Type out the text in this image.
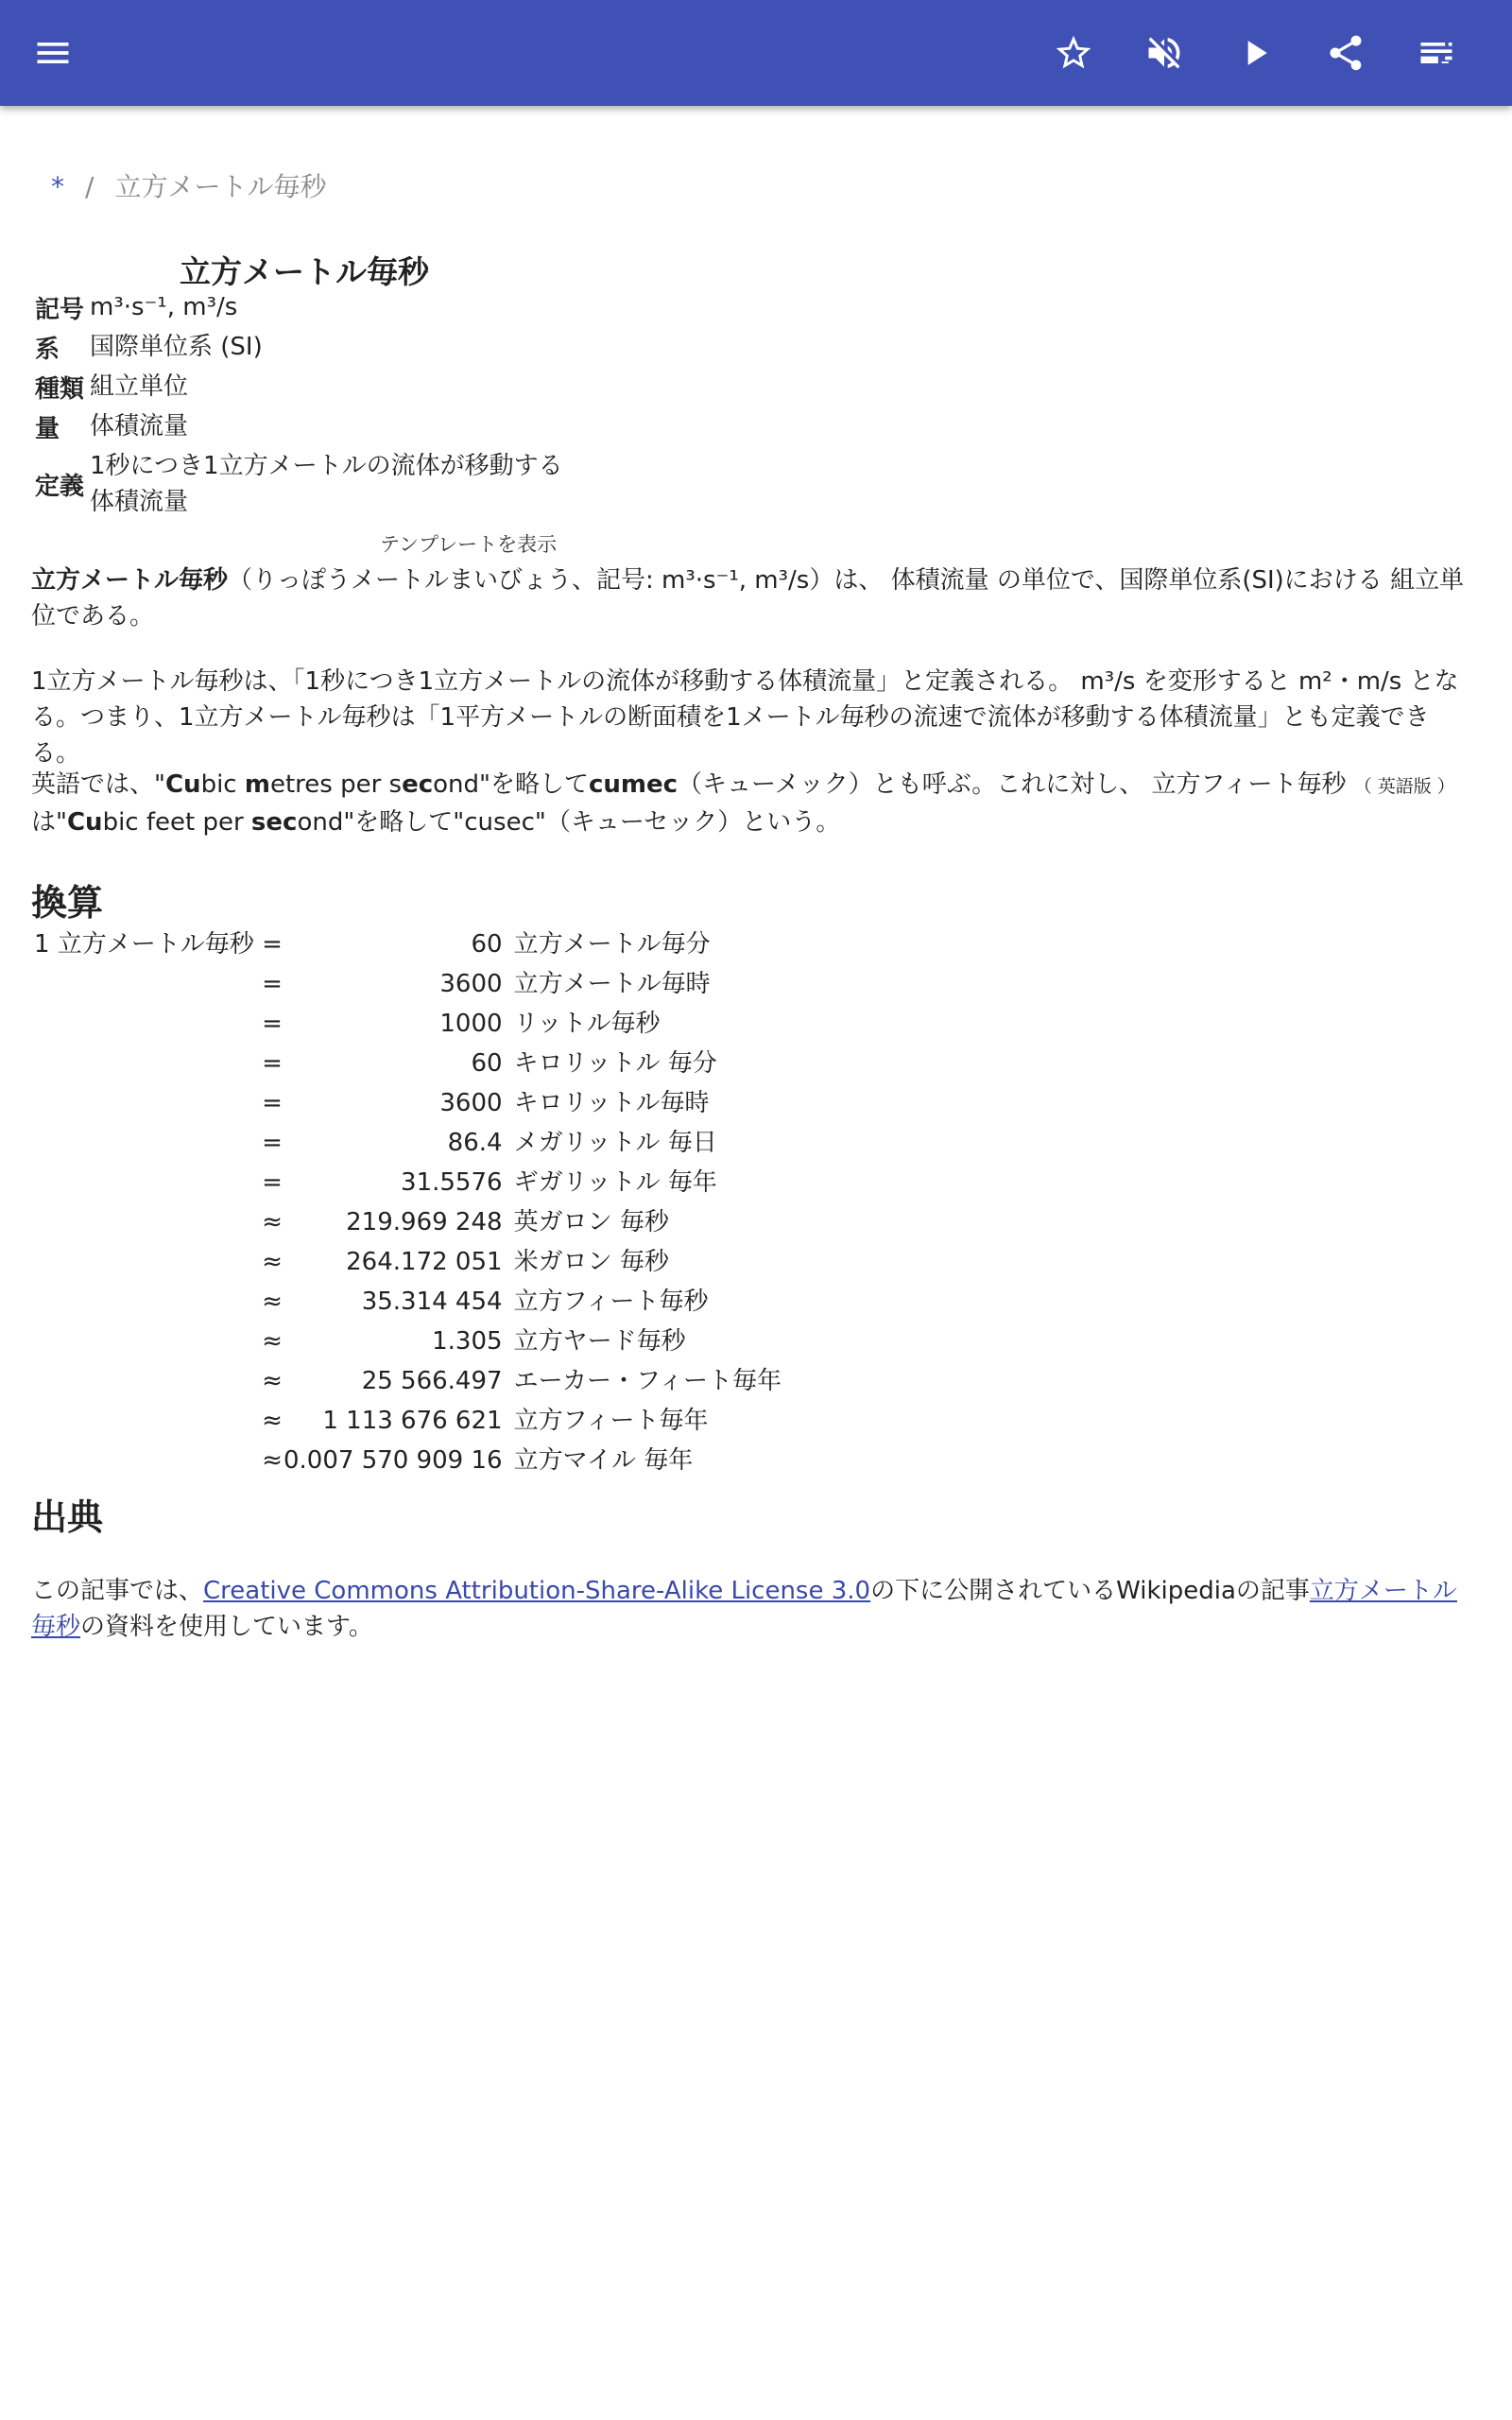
* / 立方メートル毎秒
立方メートル毎秒
記号	m³·s⁻¹, m³/s
系	国際単位系 (SI)
種類	組立単位
量	体積流量
定義	1秒につき1立方メートルの流体が移動する
体積流量
テンプレートを表示
立方メートル毎秒（りっぽうメートルまいびょう、記号: m³·s⁻¹, m³/s）は、 体積流量 の単位で、国際単位系(SI)における 組立単位である。
1立方メートル毎秒は、「1秒につき1立方メートルの流体が移動する体積流量」と定義される。 m³/s を変形すると m²・m/s となる。つまり、1立方メートル毎秒は「1平方メートルの断面積を1メートル毎秒の流速で流体が移動する体積流量」とも定義できる。
英語では、"Cubic metres per second"を略してcumec（キューメック）とも呼ぶ。これに対し、 立方フィート毎秒 （ 英語版 ） は"Cubic feet per second"を略して"cusec"（キューセック）という。
換算
1 立方メートル毎秒	=	60	立方メートル毎分
	=	3600	立方メートル毎時
	=	1000	リットル毎秒
	=	60	キロリットル 毎分
	=	3600	キロリットル毎時
	=	86.4	メガリットル 毎日
	=	31.5576	ギガリットル 毎年
	≈	219.969 248	英ガロン 毎秒
	≈	264.172 051	米ガロン 毎秒
	≈	35.314 454	立方フィート毎秒
	≈	1.305	立方ヤード毎秒
	≈	25 566.497	エーカー・フィート毎年
	≈	1 113 676 621	立方フィート毎年
	≈	0.007 570 909 16	立方マイル 毎年
出典
この記事では、Creative Commons Attribution-Share-Alike License 3.0の下に公開されているWikipediaの記事立方メートル毎秒の資料を使用しています。
